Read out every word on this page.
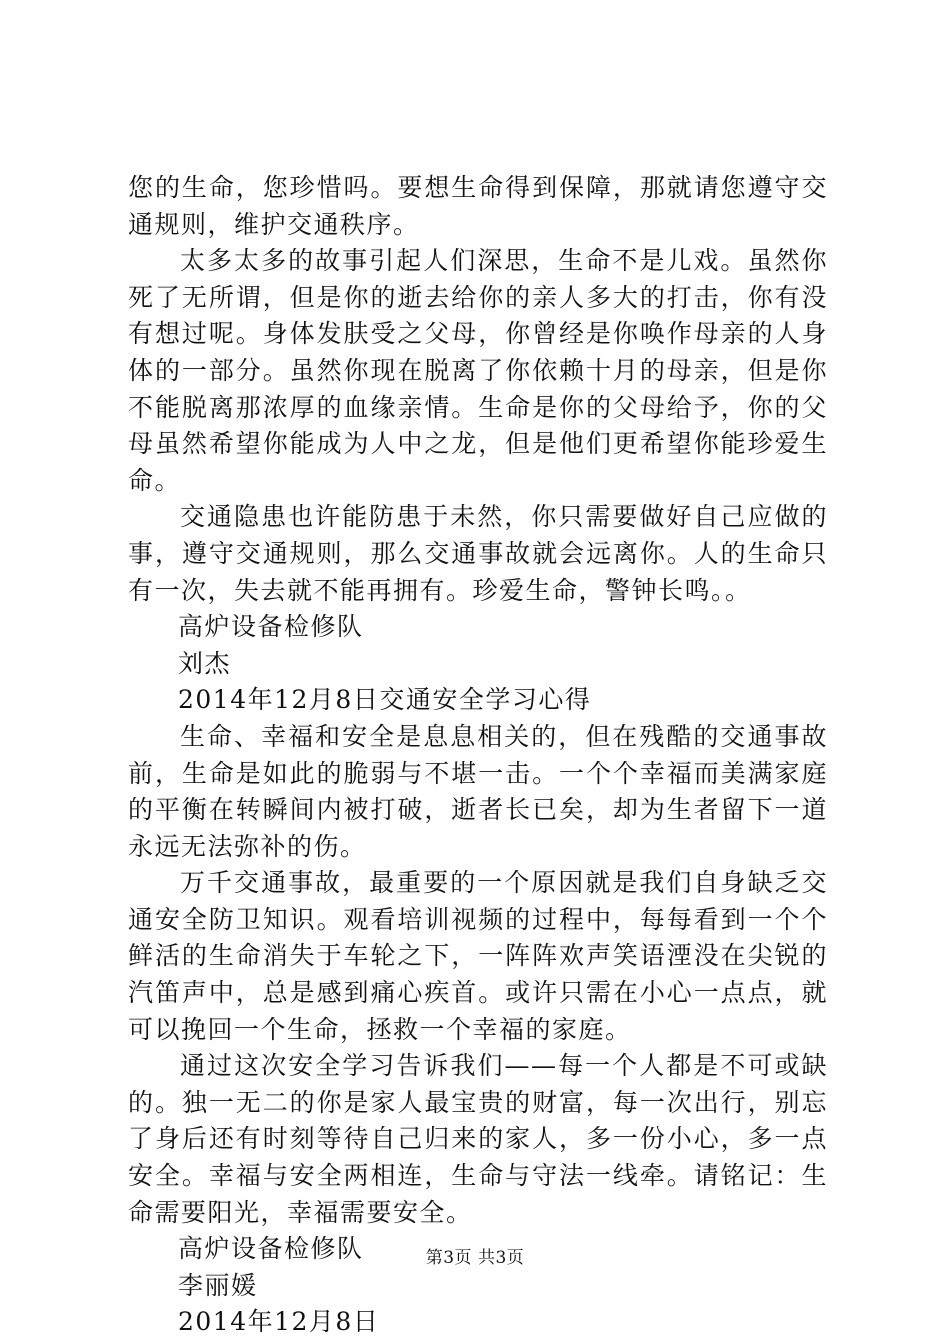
您的生命，您珍惜吗。要想生命得到保障，那就请您遵守交通规则，维护交通秩序。

太多太多的故事引起人们深思，生命不是儿戏。虽然你死了无所谓，但是你的逝去给你的亲人多大的打击，你有没有想过呢。身体发肤受之父母，你曾经是你唤作母亲的人身体的一部分。虽然你现在脱离了你依赖十月的母亲，但是你不能脱离那浓厚的血缘亲情。生命是你的父母给予，你的父母虽然希望你能成为人中之龙，但是他们更希望你能珍爱生命。

交通隐患也许能防患于未然，你只需要做好自己应做的事，遵守交通规则，那么交通事故就会远离你。人的生命只有一次，失去就不能再拥有。珍爱生命，警钟长鸣。。

高炉设备检修队

刘杰

2014年12月8日交通安全学习心得

生命、幸福和安全是息息相关的，但在残酷的交通事故前，生命是如此的脆弱与不堪一击。一个个幸福而美满家庭的平衡在转瞬间内被打破，逝者长已矣，却为生者留下一道永远无法弥补的伤。

万千交通事故，最重要的一个原因就是我们自身缺乏交通安全防卫知识。观看培训视频的过程中，每每看到一个个鲜活的生命消失于车轮之下，一阵阵欢声笑语湮没在尖锐的汽笛声中，总是感到痛心疾首。或许只需在小心一点点，就可以挽回一个生命，拯救一个幸福的家庭。

通过这次安全学习告诉我们——每一个人都是不可或缺的。独一无二的你是家人最宝贵的财富，每一次出行，别忘了身后还有时刻等待自己归来的家人，多一份小心，多一点安全。幸福与安全两相连，生命与守法一线牵。请铭记：生命需要阳光，幸福需要安全。

高炉设备检修队

李丽媛

2014年12月8日

第3页 共3页
